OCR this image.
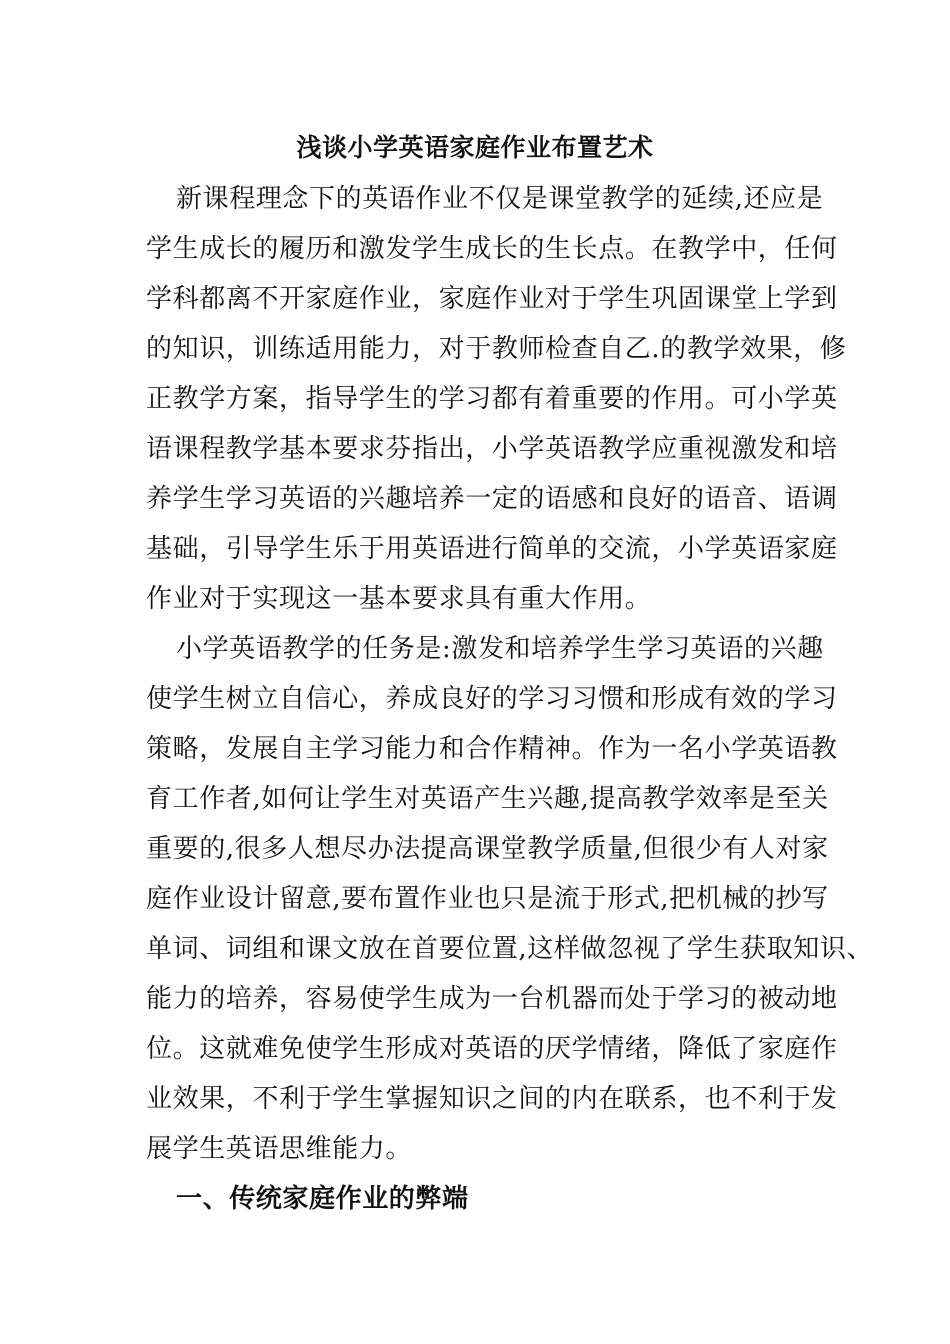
浅谈小学英语家庭作业布置艺术
新课程理念下的英语作业不仅是课堂教学的延续,还应是
学生成长的履历和激发学生成长的生长点。在教学中，任何
学科都离不开家庭作业，家庭作业对于学生巩固课堂上学到
的知识，训练适用能力，对于教师检查自乙.的教学效果，修
正教学方案，指导学生的学习都有着重要的作用。可小学英
语课程教学基本要求芬指出，小学英语教学应重视激发和培
养学生学习英语的兴趣培养一定的语感和良好的语音、语调
基础，引导学生乐于用英语进行简单的交流，小学英语家庭
作业对于实现这一基本要求具有重大作用。
小学英语教学的任务是:激发和培养学生学习英语的兴趣
使学生树立自信心，养成良好的学习习惯和形成有效的学习
策略，发展自主学习能力和合作精神。作为一名小学英语教
育工作者,如何让学生对英语产生兴趣,提高教学效率是至关
重要的,很多人想尽办法提高课堂教学质量,但很少有人对家
庭作业设计留意,要布置作业也只是流于形式,把机械的抄写
单词、词组和课文放在首要位置,这样做忽视了学生获取知识、
能力的培养，容易使学生成为一台机器而处于学习的被动地
位。这就难免使学生形成对英语的厌学情绪，降低了家庭作
业效果，不利于学生掌握知识之间的内在联系，也不利于发
展学生英语思维能力。
一、传统家庭作业的弊端
